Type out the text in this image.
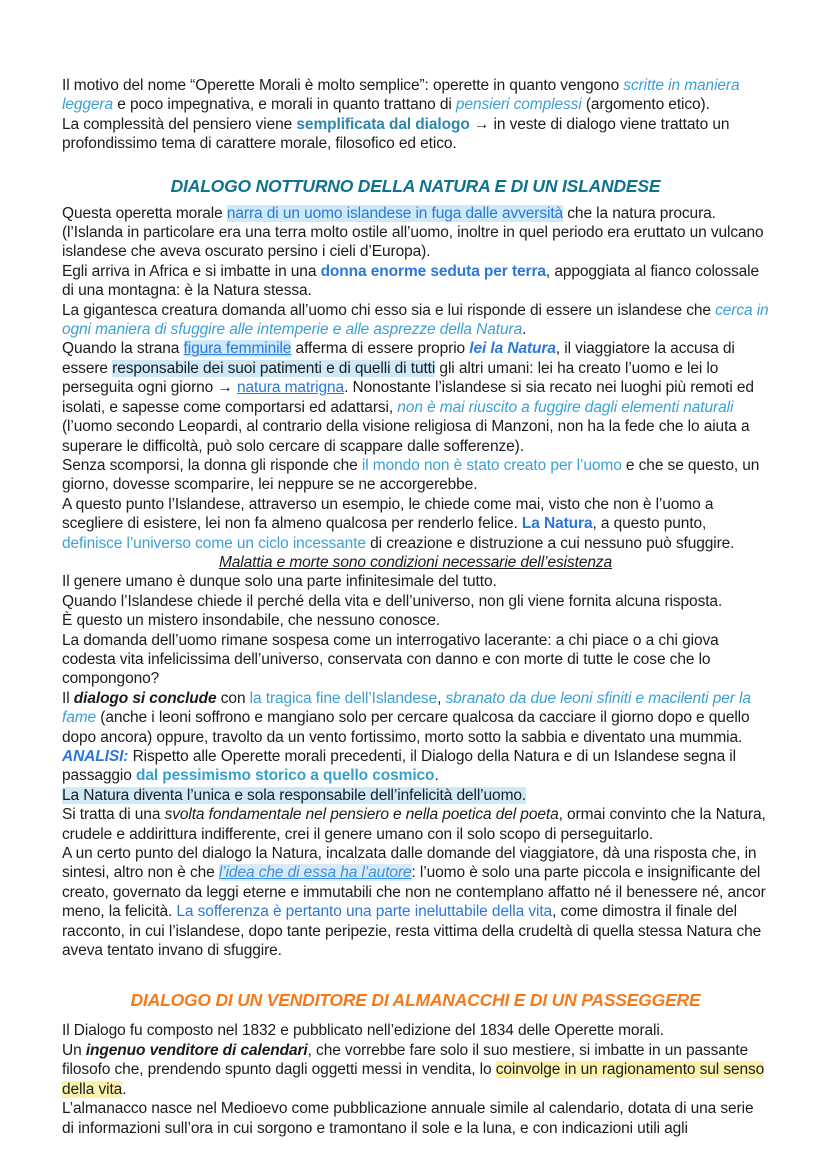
Il motivo del nome “Operette Morali è molto semplice”: operette in quanto vengono scritte in maniera leggera e poco impegnativa, e morali in quanto trattano di pensieri complessi (argomento etico).

La complessità del pensiero viene semplificata dal dialogo → in veste di dialogo viene trattato un profondissimo tema di carattere morale, filosofico ed etico.

DIALOGO NOTTURNO DELLA NATURA E DI UN ISLANDESE

Questa operetta morale narra di un uomo islandese in fuga dalle avversità che la natura procura. (l’Islanda in particolare era una terra molto ostile all’uomo, inoltre in quel periodo era eruttato un vulcano islandese che aveva oscurato persino i cieli d’Europa).

Egli arriva in Africa e si imbatte in una donna enorme seduta per terra, appoggiata al fianco colossale di una montagna: è la Natura stessa.

La gigantesca creatura domanda all’uomo chi esso sia e lui risponde di essere un islandese che cerca in ogni maniera di sfuggire alle intemperie e alle asprezze della Natura.

Quando la strana figura femminile afferma di essere proprio lei la Natura, il viaggiatore la accusa di essere responsabile dei suoi patimenti e di quelli di tutti gli altri umani: lei ha creato l’uomo e lei lo perseguita ogni giorno → natura matrigna. Nonostante l’islandese si sia recato nei luoghi più remoti ed isolati, e sapesse come comportarsi ed adattarsi, non è mai riuscito a fuggire dagli elementi naturali (l’uomo secondo Leopardi, al contrario della visione religiosa di Manzoni, non ha la fede che lo aiuta a superare le difficoltà, può solo cercare di scappare dalle sofferenze).

Senza scomporsi, la donna gli risponde che il mondo non è stato creato per l’uomo e che se questo, un giorno, dovesse scomparire, lei neppure se ne accorgerebbe.

A questo punto l’Islandese, attraverso un esempio, le chiede come mai, visto che non è l’uomo a scegliere di esistere, lei non fa almeno qualcosa per renderlo felice. La Natura, a questo punto, definisce l’universo come un ciclo incessante di creazione e distruzione a cui nessuno può sfuggire.

Malattia e morte sono condizioni necessarie dell’esistenza

Il genere umano è dunque solo una parte infinitesimale del tutto.

Quando l’Islandese chiede il perché della vita e dell’universo, non gli viene fornita alcuna risposta.

È questo un mistero insondabile, che nessuno conosce.

La domanda dell’uomo rimane sospesa come un interrogativo lacerante: a chi piace o a chi giova codesta vita infelicissima dell’universo, conservata con danno e con morte di tutte le cose che lo compongono?

Il dialogo si conclude con la tragica fine dell’Islandese, sbranato da due leoni sfiniti e macilenti per la fame (anche i leoni soffrono e mangiano solo per cercare qualcosa da cacciare il giorno dopo e quello dopo ancora) oppure, travolto da un vento fortissimo, morto sotto la sabbia e diventato una mummia.

ANALISI: Rispetto alle Operette morali precedenti, il Dialogo della Natura e di un Islandese segna il passaggio dal pessimismo storico a quello cosmico.

La Natura diventa l’unica e sola responsabile dell’infelicità dell’uomo.

Si tratta di una svolta fondamentale nel pensiero e nella poetica del poeta, ormai convinto che la Natura, crudele e addirittura indifferente, crei il genere umano con il solo scopo di perseguitarlo.

A un certo punto del dialogo la Natura, incalzata dalle domande del viaggiatore, dà una risposta che, in sintesi, altro non è che l’idea che di essa ha l’autore: l’uomo è solo una parte piccola e insignificante del creato, governato da leggi eterne e immutabili che non ne contemplano affatto né il benessere né, ancor meno, la felicità. La sofferenza è pertanto una parte ineluttabile della vita, come dimostra il finale del racconto, in cui l’islandese, dopo tante peripezie, resta vittima della crudeltà di quella stessa Natura che aveva tentato invano di sfuggire.

DIALOGO DI UN VENDITORE DI ALMANACCHI E DI UN PASSEGGERE

Il Dialogo fu composto nel 1832 e pubblicato nell’edizione del 1834 delle Operette morali.

Un ingenuo venditore di calendari, che vorrebbe fare solo il suo mestiere, si imbatte in un passante filosofo che, prendendo spunto dagli oggetti messi in vendita, lo coinvolge in un ragionamento sul senso della vita.

L’almanacco nasce nel Medioevo come pubblicazione annuale simile al calendario, dotata di una serie di informazioni sull’ora in cui sorgono e tramontano il sole e la luna, e con indicazioni utili agli
